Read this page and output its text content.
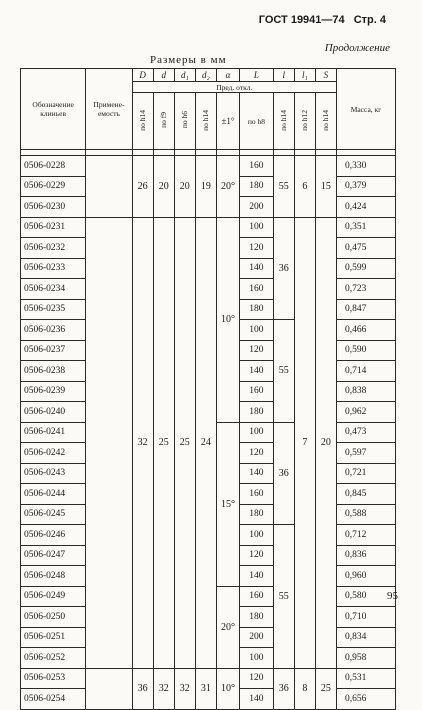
ГОСТ 19941—74 Стр. 4
Продолжение
Размеры в мм
Обозначение клиньев	Примене-емость	D	d	d₁	d₂	α	L	l	l₁	S	Масса, кг
		Пред. откл.									
		по h14	по f9	по h6	по h14	±1°	по h8	по h14	по h12	по h14	

0506-0228		26	20	20	19	20°	160	55	6	15	0,330
0506-0229							180				0,379
0506-0230							200				0,424
0506-0231		32	25	25	24	10°	100	36	7	20	0,351
0506-0232							120				0,475
0506-0233							140				0,599
0506-0234							160				0,723
0506-0235							180				0,847
0506-0236							100	55			0,466
0506-0237							120				0,590
0506-0238							140				0,714
0506-0239							160				0,838
0506-0240							180				0,962
0506-0241						15°	100	36			0,473
0506-0242							120				0,597
0506-0243							140				0,721
0506-0244							160				0,845
0506-0245							180				0,588
0506-0246							100	55			0,712
0506-0247							120				0,836
0506-0248							140				0,960
0506-0249						20°	160				0,580
0506-0250							180				0,710
0506-0251							200				0,834
0506-0252							100				0,958
0506-0253		36	32	32	31	10°	120	36	8	25	0,531
0506-0254							140				0,656
95
